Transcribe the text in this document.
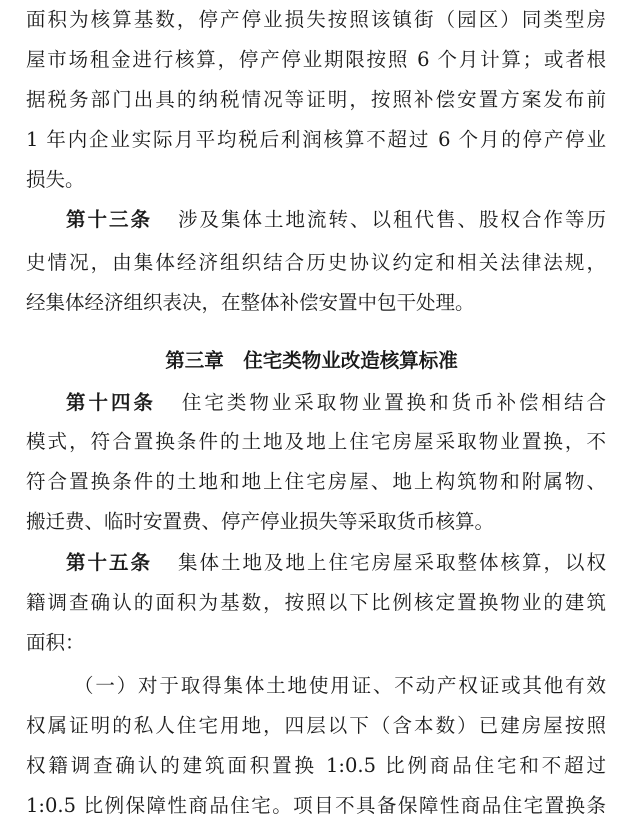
面积为核算基数，停产停业损失按照该镇街（园区）同类型房
屋市场租金进行核算，停产停业期限按照 6 个月计算；或者根
据税务部门出具的纳税情况等证明，按照补偿安置方案发布前
1 年内企业实际月平均税后利润核算不超过 6 个月的停产停业
损失。
第十三条 涉及集体土地流转、以租代售、股权合作等历
史情况，由集体经济组织结合历史协议约定和相关法律法规，
经集体经济组织表决，在整体补偿安置中包干处理。
第三章　住宅类物业改造核算标准
第十四条 住宅类物业采取物业置换和货币补偿相结合
模式，符合置换条件的土地及地上住宅房屋采取物业置换，不
符合置换条件的土地和地上住宅房屋、地上构筑物和附属物、
搬迁费、临时安置费、停产停业损失等采取货币核算。
第十五条 集体土地及地上住宅房屋采取整体核算，以权
籍调查确认的面积为基数，按照以下比例核定置换物业的建筑
面积：
（一）对于取得集体土地使用证、不动产权证或其他有效
权属证明的私人住宅用地，四层以下（含本数）已建房屋按照
权籍调查确认的建筑面积置换 1:0.5 比例商品住宅和不超过
1:0.5 比例保障性商品住宅。项目不具备保障性商品住宅置换条
